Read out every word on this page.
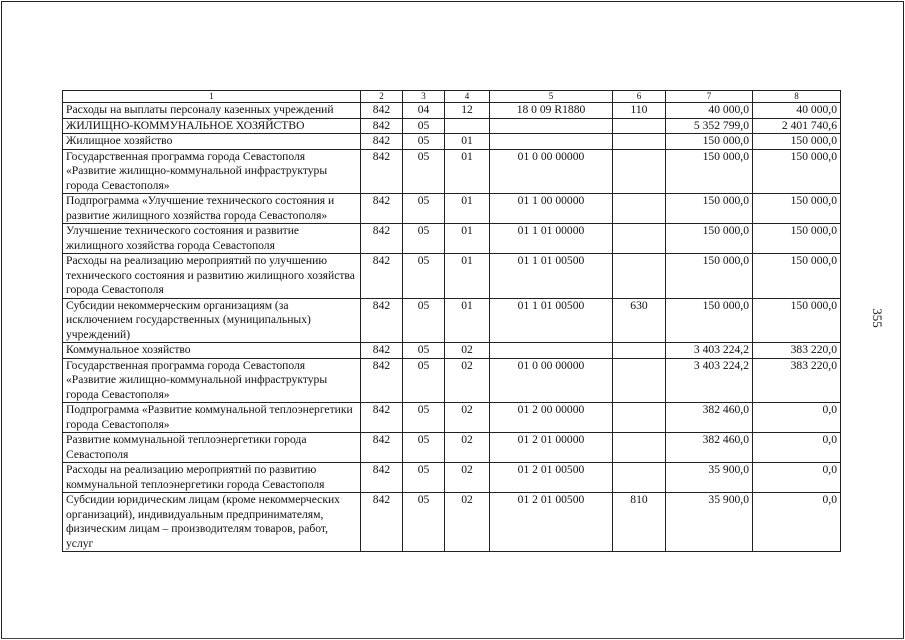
1	2	3	4	5	6	7	8
Расходы на выплаты персоналу казенных учреждений	842	04	12	18 0 09 R1880	110	40 000,0	40 000,0
ЖИЛИЩНО-КОММУНАЛЬНОЕ ХОЗЯЙСТВО	842	05				5 352 799,0	2 401 740,6
Жилищное хозяйство	842	05	01			150 000,0	150 000,0
Государственная программа города Севастополя «Развитие жилищно-коммунальной инфраструктуры города Севастополя»	842	05	01	01 0 00 00000		150 000,0	150 000,0
Подпрограмма «Улучшение технического состояния и развитие жилищного хозяйства города Севастополя»	842	05	01	01 1 00 00000		150 000,0	150 000,0
Улучшение технического состояния и развитие жилищного хозяйства города Севастополя	842	05	01	01 1 01 00000		150 000,0	150 000,0
Расходы на реализацию мероприятий по улучшению технического состояния и развитию жилищного хозяйства города Севастополя	842	05	01	01 1 01 00500		150 000,0	150 000,0
Субсидии некоммерческим организациям (за исключением государственных (муниципальных) учреждений)	842	05	01	01 1 01 00500	630	150 000,0	150 000,0
Коммунальное хозяйство	842	05	02			3 403 224,2	383 220,0
Государственная программа города Севастополя «Развитие жилищно-коммунальной инфраструктуры города Севастополя»	842	05	02	01 0 00 00000		3 403 224,2	383 220,0
Подпрограмма «Развитие коммунальной теплоэнергетики города Севастополя»	842	05	02	01 2 00 00000		382 460,0	0,0
Развитие коммунальной теплоэнергетики города Севастополя	842	05	02	01 2 01 00000		382 460,0	0,0
Расходы на реализацию мероприятий по развитию коммунальной теплоэнергетики города Севастополя	842	05	02	01 2 01 00500		35 900,0	0,0
Субсидии юридическим лицам (кроме некоммерческих организаций), индивидуальным предпринимателям, физическим лицам – производителям товаров, работ, услуг	842	05	02	01 2 01 00500	810	35 900,0	0,0
355
